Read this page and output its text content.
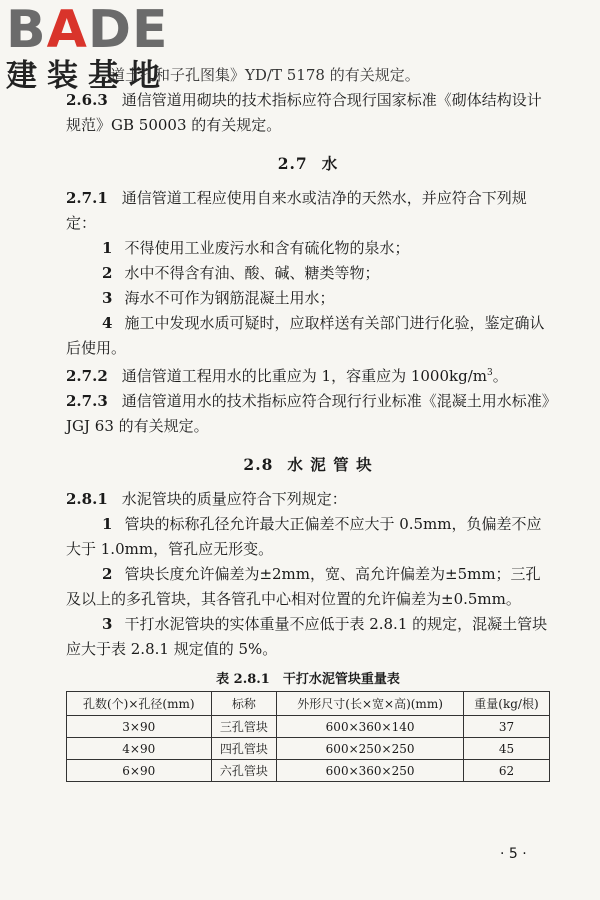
BADE
建装基地

道土孔和子孔图集》YD/T 5178 的有关规定。

2.6.3 通信管道用砌块的技术指标应符合现行国家标准《砌体结构设计规范》GB 50003 的有关规定。

2.7 水

2.7.1 通信管道工程应使用自来水或洁净的天然水，并应符合下列规定：

1 不得使用工业废污水和含有硫化物的泉水；

2 水中不得含有油、酸、碱、糖类等物；

3 海水不可作为钢筋混凝土用水；

4 施工中发现水质可疑时，应取样送有关部门进行化验，鉴定确认后使用。

2.7.2 通信管道工程用水的比重应为 1，容重应为 $1000kg/m^3$。

2.7.3 通信管道用水的技术指标应符合现行行业标准《混凝土用水标准》JGJ 63 的有关规定。

2.8 水 泥 管 块

2.8.1 水泥管块的质量应符合下列规定：

1 管块的标称孔径允许最大正偏差不应大于 0.5mm，负偏差不应大于 1.0mm，管孔应无形变。

2 管块长度允许偏差为±2mm，宽、高允许偏差为±5mm；三孔及以上的多孔管块，其各管孔中心相对位置的允许偏差为±0.5mm。

3 干打水泥管块的实体重量不应低于表 2.8.1 的规定，混凝土管块应大于表 2.8.1 规定值的 5%。

表 2.8.1　干打水泥管块重量表
孔数(个)×孔径(mm)	标称	外形尺寸(长×宽×高)(mm)	重量(kg/根)
3×90	三孔管块	600×360×140	37
4×90	四孔管块	600×250×250	45
6×90	六孔管块	600×360×250	62
· 5 ·
